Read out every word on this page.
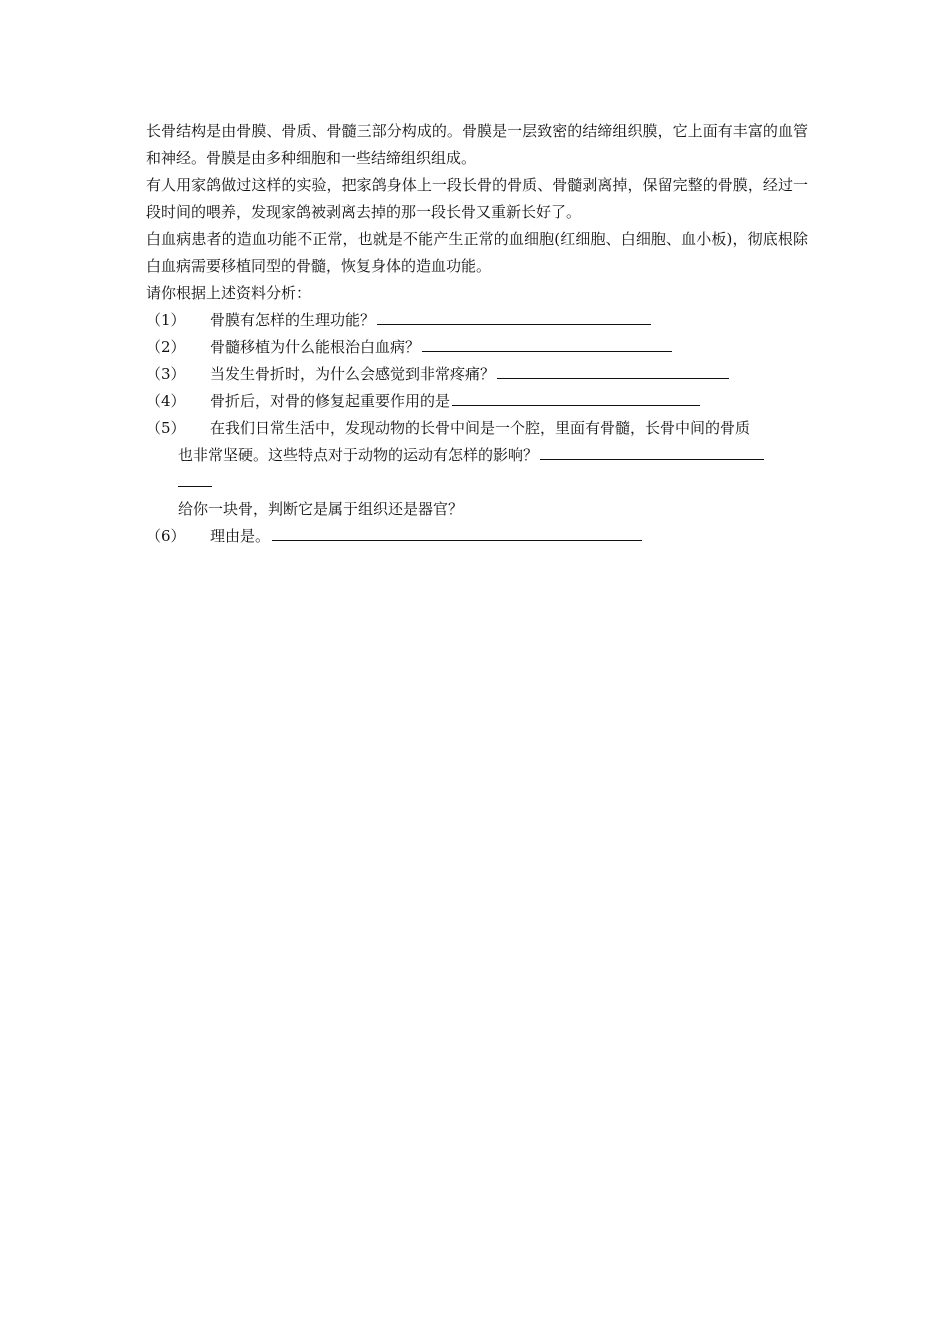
长骨结构是由骨膜、骨质、骨髓三部分构成的。骨膜是一层致密的结缔组织膜，它上面有丰富的血管和神经。骨膜是由多种细胞和一些结缔组织组成。

有人用家鸽做过这样的实验，把家鸽身体上一段长骨的骨质、骨髓剥离掉，保留完整的骨膜，经过一段时间的喂养，发现家鸽被剥离去掉的那一段长骨又重新长好了。

白血病患者的造血功能不正常，也就是不能产生正常的血细胞(红细胞、白细胞、血小板)，彻底根除白血病需要移植同型的骨髓，恢复身体的造血功能。

请你根据上述资料分析：

（1） 骨膜有怎样的生理功能？
（2） 骨髓移植为什么能根治白血病？
（3） 当发生骨折时，为什么会感觉到非常疼痛？
（4） 骨折后，对骨的修复起重要作用的是
（5） 在我们日常生活中，发现动物的长骨中间是一个腔，里面有骨髓，长骨中间的骨质
也非常坚硬。这些特点对于动物的运动有怎样的影响？

给你一块骨，判断它是属于组织还是器官？

（6） 理由是。
